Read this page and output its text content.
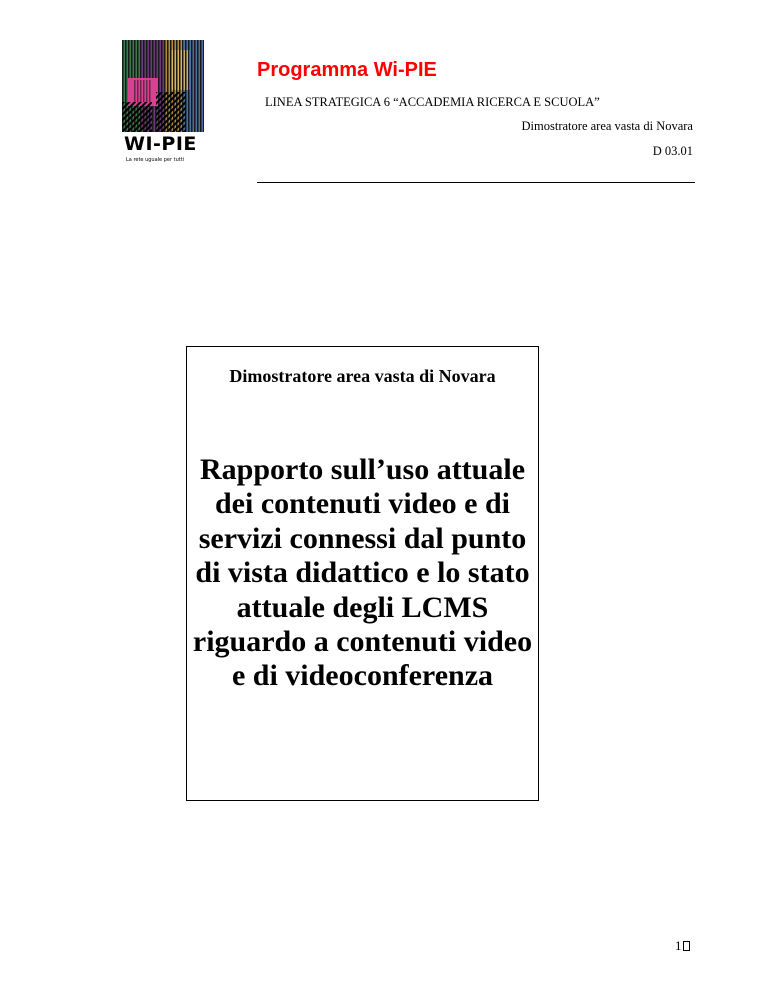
WI-PIE
La rete uguale per tutti
Programma Wi-PIE
LINEA STRATEGICA 6 “ACCADEMIA RICERCA E SCUOLA”
Dimostratore area vasta di Novara
D 03.01
Dimostratore area vasta di Novara
Rapporto sull’uso attuale dei contenuti video e di servizi connessi dal punto di vista didattico e lo stato attuale degli LCMS riguardo a contenuti video e di videoconferenza
1
